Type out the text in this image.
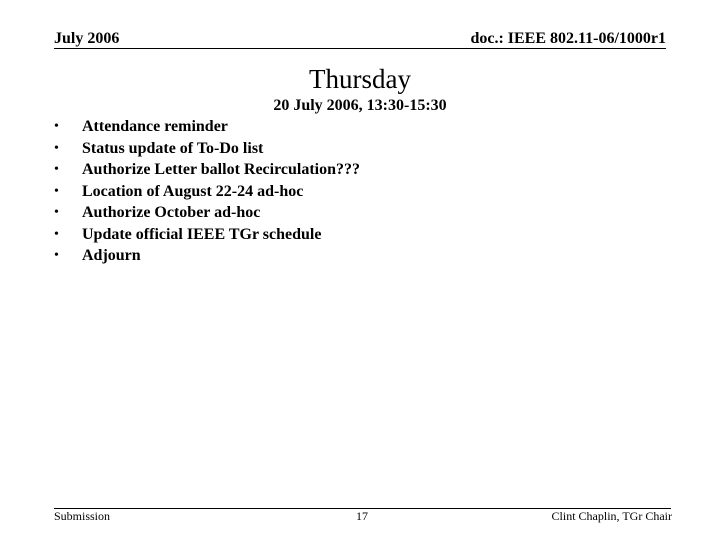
July 2006	doc.: IEEE 802.11-06/1000r1
Thursday
20 July 2006, 13:30-15:30
• Attendance reminder
• Status update of To-Do list
• Authorize Letter ballot Recirculation???
• Location of August 22-24 ad-hoc
• Authorize October ad-hoc
• Update official IEEE TGr schedule
• Adjourn
Submission	17	Clint Chaplin, TGr Chair
